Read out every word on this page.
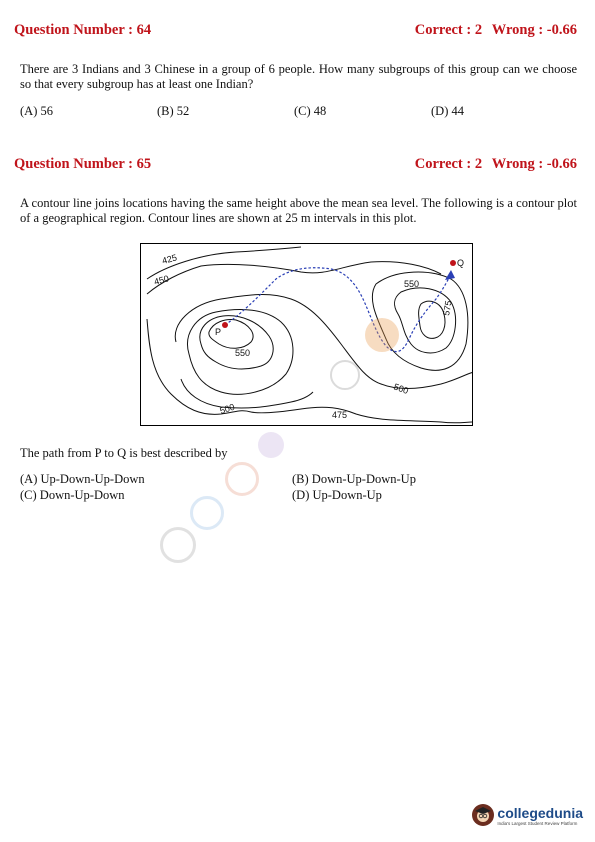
Question Number : 64	Correct : 2 Wrong : -0.66
There are 3 Indians and 3 Chinese in a group of 6 people. How many subgroups of this group can we choose so that every subgroup has at least one Indian?
(A) 56	(B) 52	(C) 48	(D) 44
Question Number : 65	Correct : 2 Wrong : -0.66
A contour line joins locations having the same height above the mean sea level. The following is a contour plot of a geographical region. Contour lines are shown at 25 m intervals in this plot.
425
450
P
550
500	475
500
550
575
Q
The path from P to Q is best described by
(A) Up-Down-Up-Down
(C) Down-Up-Down
(B) Down-Up-Down-Up
(D) Up-Down-Up
collegedunia
India's Largest Student Review Platform
